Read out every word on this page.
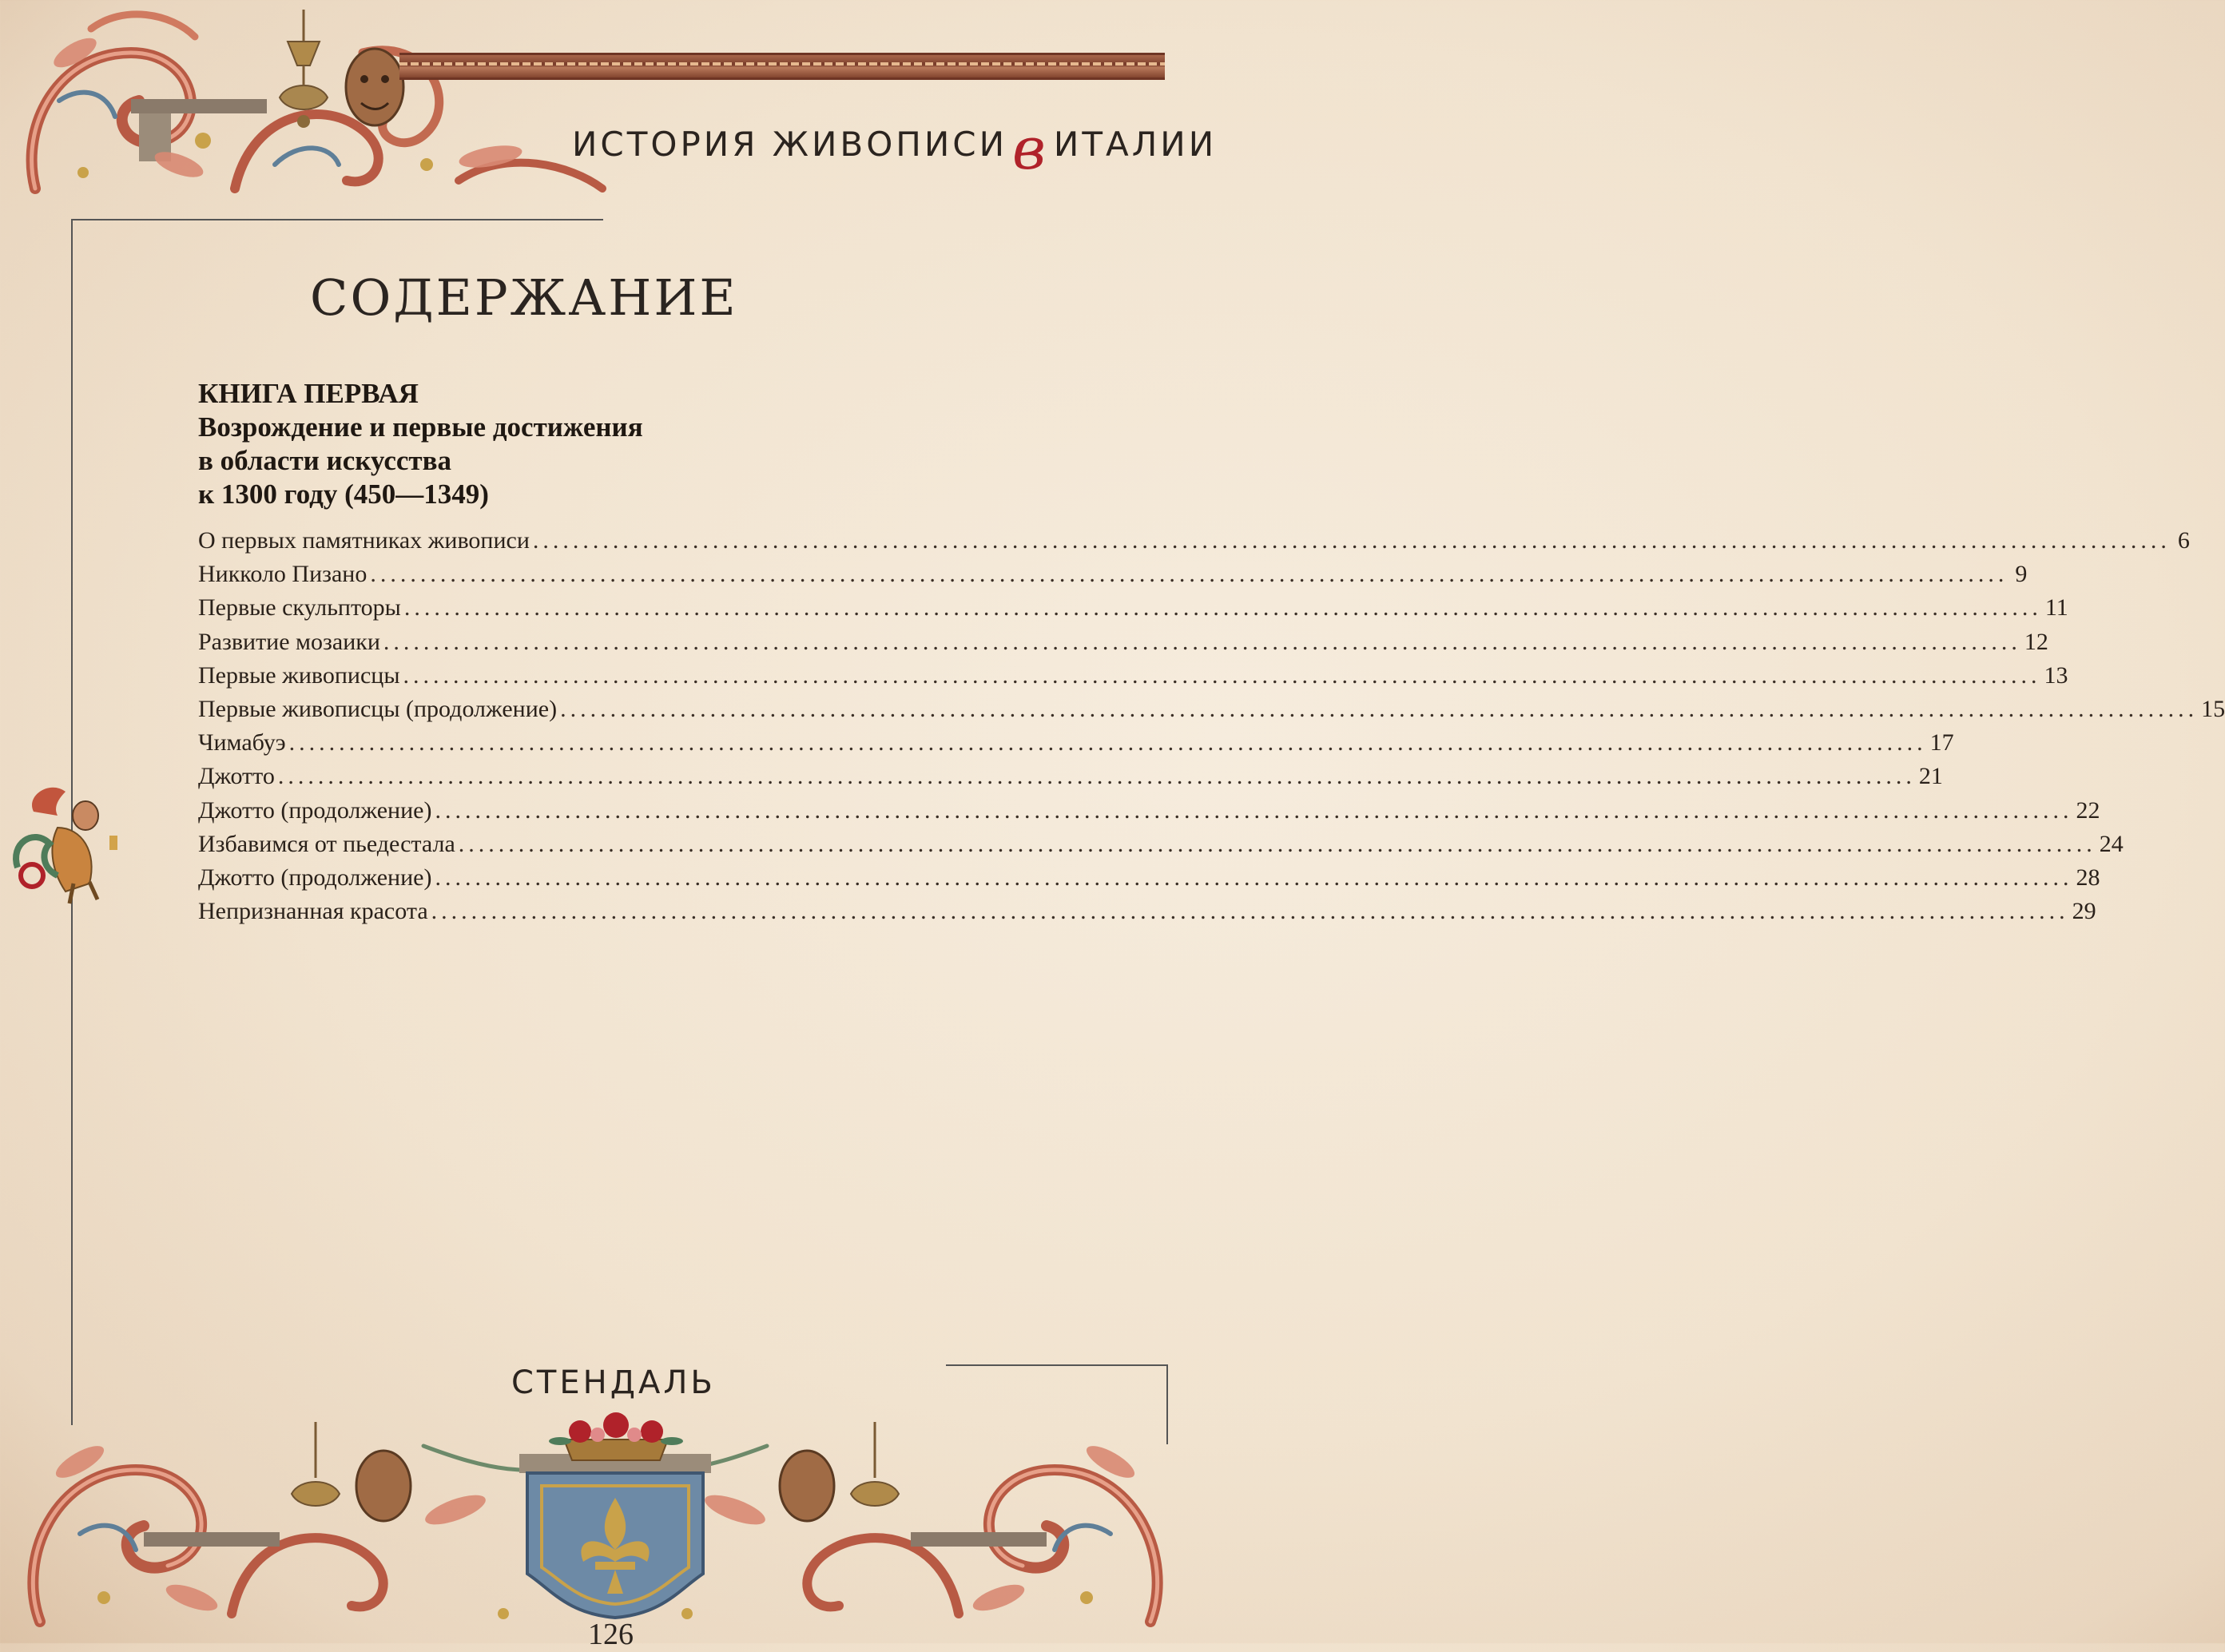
ИСТОРИЯ ЖИВОПИСИв ИТАЛИИ
СОДЕРЖАНИЕ
КНИГА ПЕРВАЯ
Возрождение и первые достижения
в области искусства
к 1300 году (450—1349)
О первых памятниках живописи .....	6
Никколо Пизано .....	9
Первые скульпторы .....	11
Развитие мозаики .....	12
Первые живописцы .....	13
Первые живописцы (продолжение) .....	15
Чимабуэ .....	17
Джотто .....	21
Джотто (продолжение) .....	22
Избавимся от пьедестала .....	24
Джотто (продолжение) .....	28
Непризнанная красота .....	29
СТЕНДАЛЬ
126
